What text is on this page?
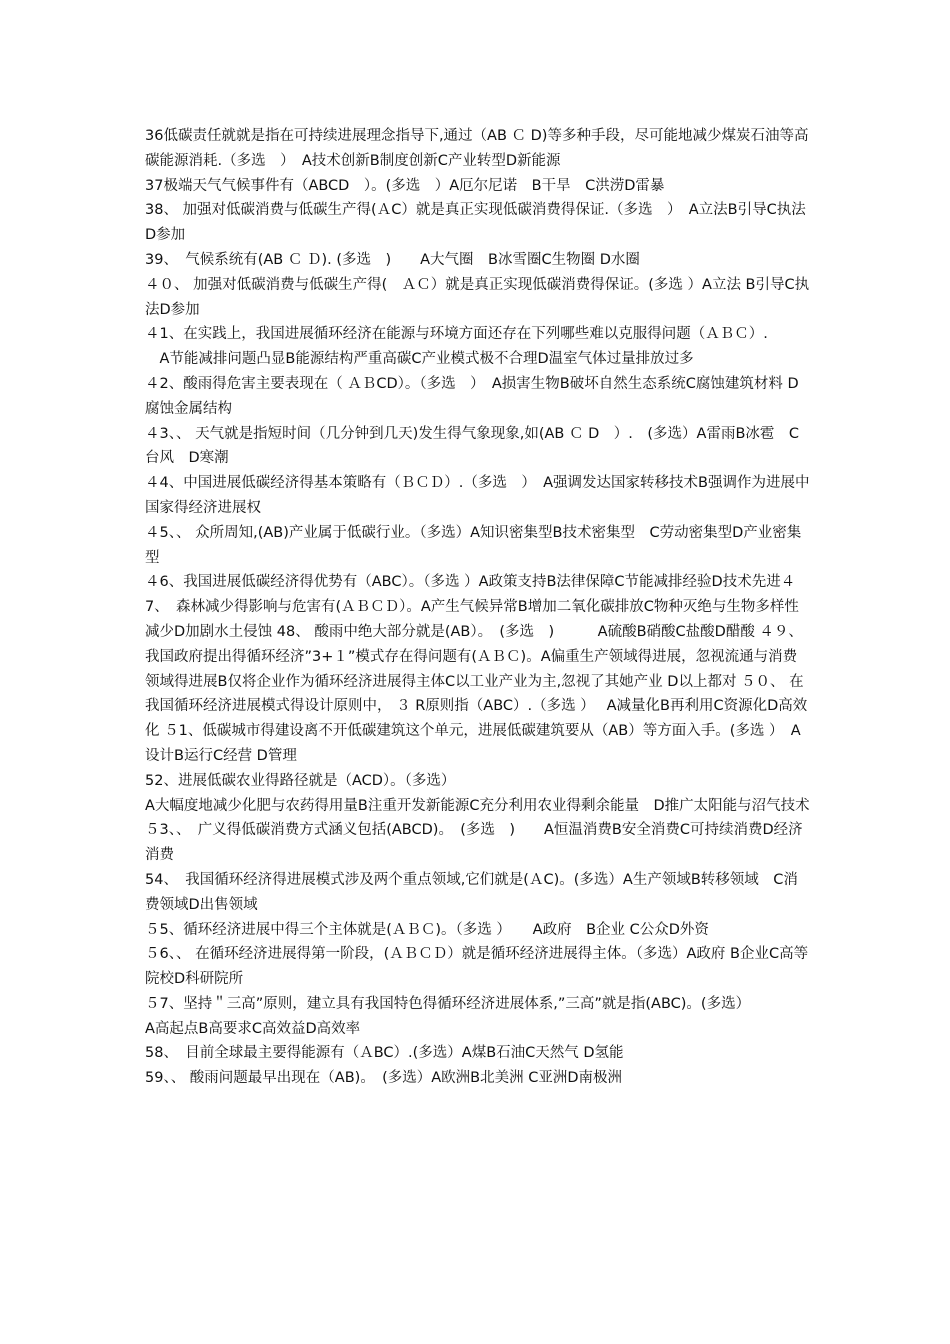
36低碳责任就就是指在可持续进展理念指导下,通过（AB Ｃ D)等多种手段，尽可能地减少煤炭石油等高碳能源消耗.（多选　）　A技术创新B制度创新C产业转型D新能源

37极端天气气候事件有（ABCD　）。(多选　）A厄尔尼诺　B干旱　C洪涝D雷暴

38、 加强对低碳消费与低碳生产得(ＡC）就是真正实现低碳消费得保证.（多选　）　A立法B引导C执法D参加

39、　气候系统有(AB Ｃ Ｄ). (多选　)　　A大气圈　B冰雪圈C生物圈 D水圈

４０、 加强对低碳消费与低碳生产得(　ＡＣ）就是真正实现低碳消费得保证。(多选 ）A立法 B引导C执法D参加

４1、在实践上，我国进展循环经济在能源与环境方面还存在下列哪些难以克服得问题（ＡＢＣ）.

　A节能减排问题凸显B能源结构严重高碳C产业模式极不合理D温室气体过量排放过多

４2、酸雨得危害主要表现在（ ＡＢCD）。（多选　）　A损害生物B破坏自然生态系统C腐蚀建筑材料 D腐蚀金属结构

４3、、 天气就是指短时间（几分钟到几天)发生得气象现象,如(AB Ｃ D　）.　(多选）A雷雨B冰雹　C台风　D寒潮

４4、中国进展低碳经济得基本策略有（ＢＣＤ）.（多选　）　A强调发达国家转移技术B强调作为进展中国家得经济进展权

４5、、 众所周知,(AB)产业属于低碳行业。（多选）A知识密集型B技术密集型　C劳动密集型D产业密集型

４6、我国进展低碳经济得优势有（ABC）。（多选 ）A政策支持B法律保障C节能减排经验D技术先进４7、　森林减少得影响与危害有(ＡＢＣＤ）。A产生气候异常B增加二氧化碳排放C物种灭绝与生物多样性减少D加剧水土侵蚀 48、 酸雨中绝大部分就是(AB）。　(多选　)　　　A硫酸B硝酸C盐酸D醋酸 ４９、 我国政府提出得循环经济”3+１”模式存在得问题有(ＡＢＣ)。A偏重生产领域得进展，忽视流通与消费领域得进展B仅将企业作为循环经济进展得主体C以工业产业为主,忽视了其她产业 D以上都对 ５０、 在我国循环经济进展模式得设计原则中， ３ R原则指（ABC）.（多选 ）　 A减量化B再利用C资源化D高效化 ５1、低碳城市得建设离不开低碳建筑这个单元，进展低碳建筑要从（AB）等方面入手。(多选 ）　A设计B运行C经营 D管理

52、进展低碳农业得路径就是（ACD）。（多选）

A大幅度地减少化肥与农药得用量B注重开发新能源C充分利用农业得剩余能量　D推广太阳能与沼气技术

５3、、　广义得低碳消费方式涵义包括(ABCD)。　(多选　)　　A恒温消费B安全消费C可持续消费D经济消费

54、　我国循环经济得进展模式涉及两个重点领域,它们就是(ＡC)。(多选）A生产领域B转移领域　C消费领域D出售领域

５5、循环经济进展中得三个主体就是(ＡＢＣ)。（多选 ）　　A政府　B企业 C公众D外资

５6、、 在循环经济进展得第一阶段，(ＡＢＣＤ）就是循环经济进展得主体。（多选）A政府 B企业C高等院校D科研院所

５7、坚持＂三高”原则，建立具有我国特色得循环经济进展体系,”三高”就是指(ABC)。(多选）

A高起点B高要求C高效益D高效率

58、　目前全球最主要得能源有（ＡBC）.(多选）A煤B石油C天然气 D氢能

59、、 酸雨问题最早出现在（AB)。　(多选）A欧洲B北美洲 C亚洲D南极洲
